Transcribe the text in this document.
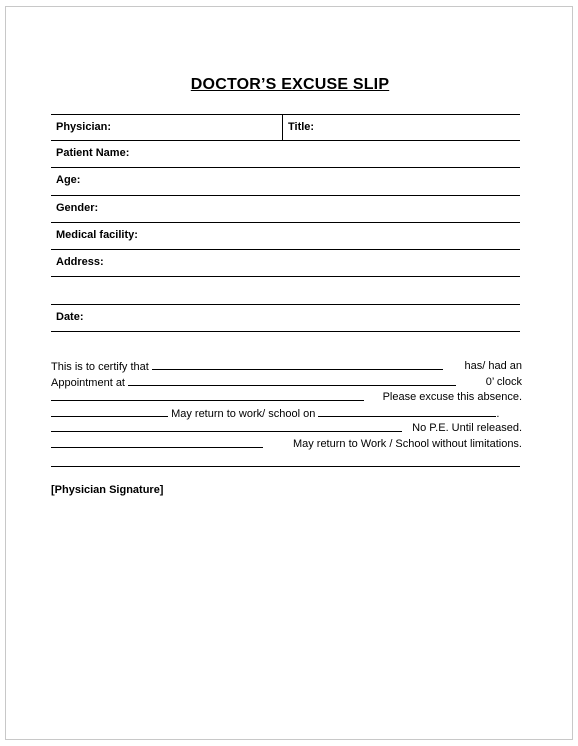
DOCTOR’S EXCUSE SLIP
Physician:	Title:
Patient Name:
Age:
Gender:
Medical facility:
Address:
Date:
This is to certify that	has/ had an
Appointment at	0’ clock
Please excuse this absence.
May return to work/ school on	.
No P.E. Until released.
May return to Work / School without limitations.
[Physician Signature]
